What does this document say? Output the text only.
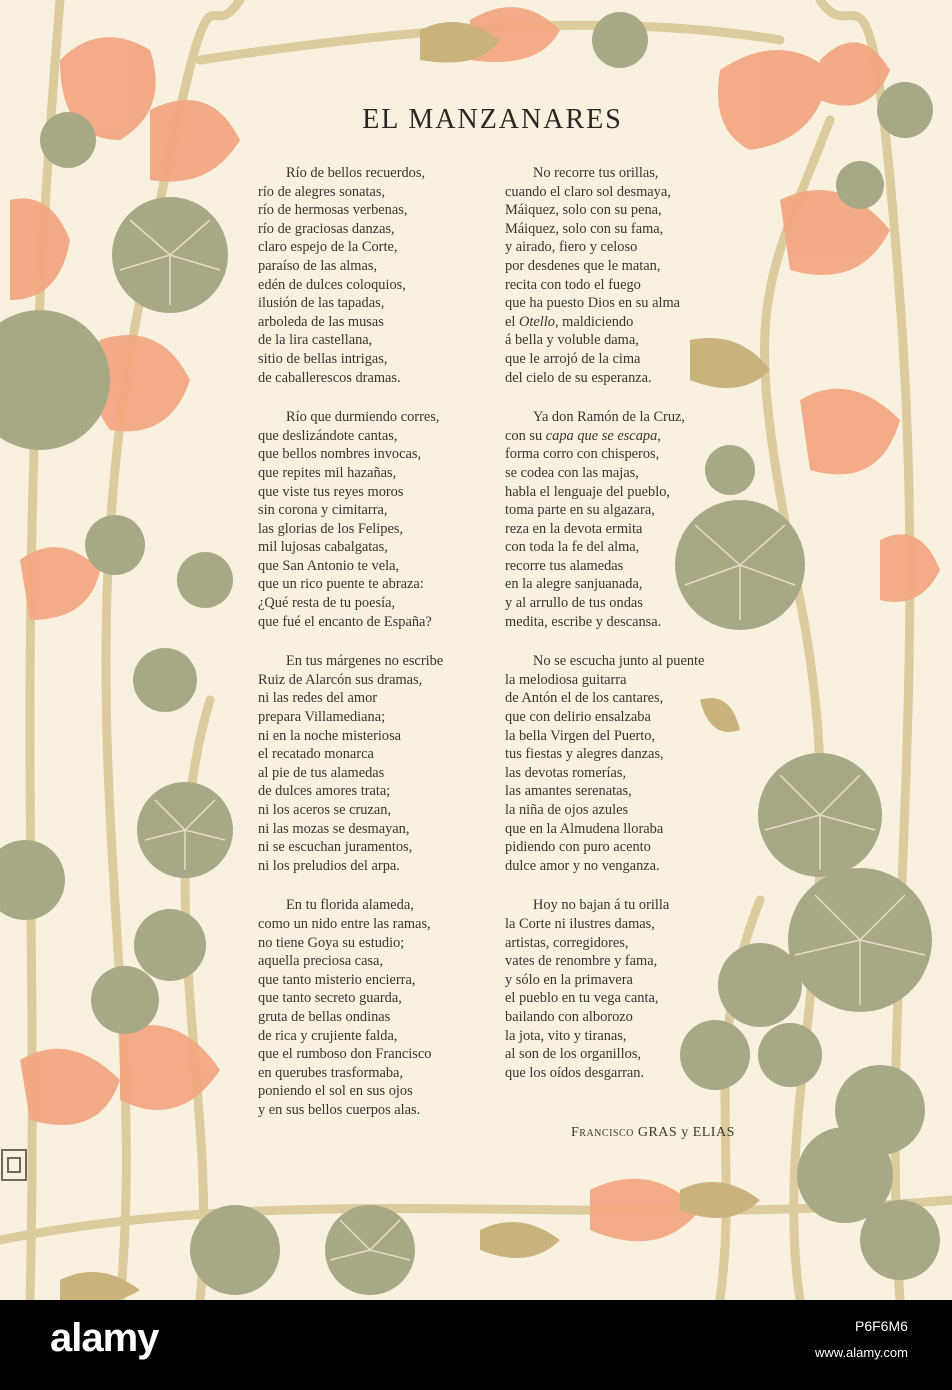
EL MANZANARES
Río de bellos recuerdos,
río de alegres sonatas,
río de hermosas verbenas,
río de graciosas danzas,
claro espejo de la Corte,
paraíso de las almas,
edén de dulces coloquios,
ilusión de las tapadas,
arboleda de las musas
de la lira castellana,
sitio de bellas intrigas,
de caballerescos dramas.
Río que durmiendo corres,
que deslizándote cantas,
que bellos nombres invocas,
que repites mil hazañas,
que viste tus reyes moros
sin corona y cimitarra,
las glorias de los Felipes,
mil lujosas cabalgatas,
que San Antonio te vela,
que un rico puente te abraza:
¿Qué resta de tu poesía,
que fué el encanto de España?
En tus márgenes no escribe
Ruiz de Alarcón sus dramas,
ni las redes del amor
prepara Villamediana;
ni en la noche misteriosa
el recatado monarca
al pie de tus alamedas
de dulces amores trata;
ni los aceros se cruzan,
ni las mozas se desmayan,
ni se escuchan juramentos,
ni los preludios del arpa.
En tu florida alameda,
como un nido entre las ramas,
no tiene Goya su estudio;
aquella preciosa casa,
que tanto misterio encierra,
que tanto secreto guarda,
gruta de bellas ondinas
de rica y crujiente falda,
que el rumboso don Francisco
en querubes trasformaba,
poniendo el sol en sus ojos
y en sus bellos cuerpos alas.
No recorre tus orillas,
cuando el claro sol desmaya,
Máiquez, solo con su pena,
Máiquez, solo con su fama,
y airado, fiero y celoso
por desdenes que le matan,
recita con todo el fuego
que ha puesto Dios en su alma
el Otello, maldiciendo
á bella y voluble dama,
que le arrojó de la cima
del cielo de su esperanza.
Ya don Ramón de la Cruz,
con su capa que se escapa,
forma corro con chisperos,
se codea con las majas,
habla el lenguaje del pueblo,
toma parte en su algazara,
reza en la devota ermita
con toda la fe del alma,
recorre tus alamedas
en la alegre sanjuanada,
y al arrullo de tus ondas
medita, escribe y descansa.
No se escucha junto al puente
la melodiosa guitarra
de Antón el de los cantares,
que con delirio ensalzaba
la bella Virgen del Puerto,
tus fiestas y alegres danzas,
las devotas romerías,
las amantes serenatas,
la niña de ojos azules
que en la Almudena lloraba
pidiendo con puro acento
dulce amor y no venganza.
Hoy no bajan á tu orilla
la Corte ni ilustres damas,
artistas, corregidores,
vates de renombre y fama,
y sólo en la primavera
el pueblo en tu vega canta,
bailando con alborozo
la jota, vito y tiranas,
al son de los organillos,
que los oídos desgarran.
Francisco GRAS y ELIAS
alamy	P6F6M6
www.alamy.com
